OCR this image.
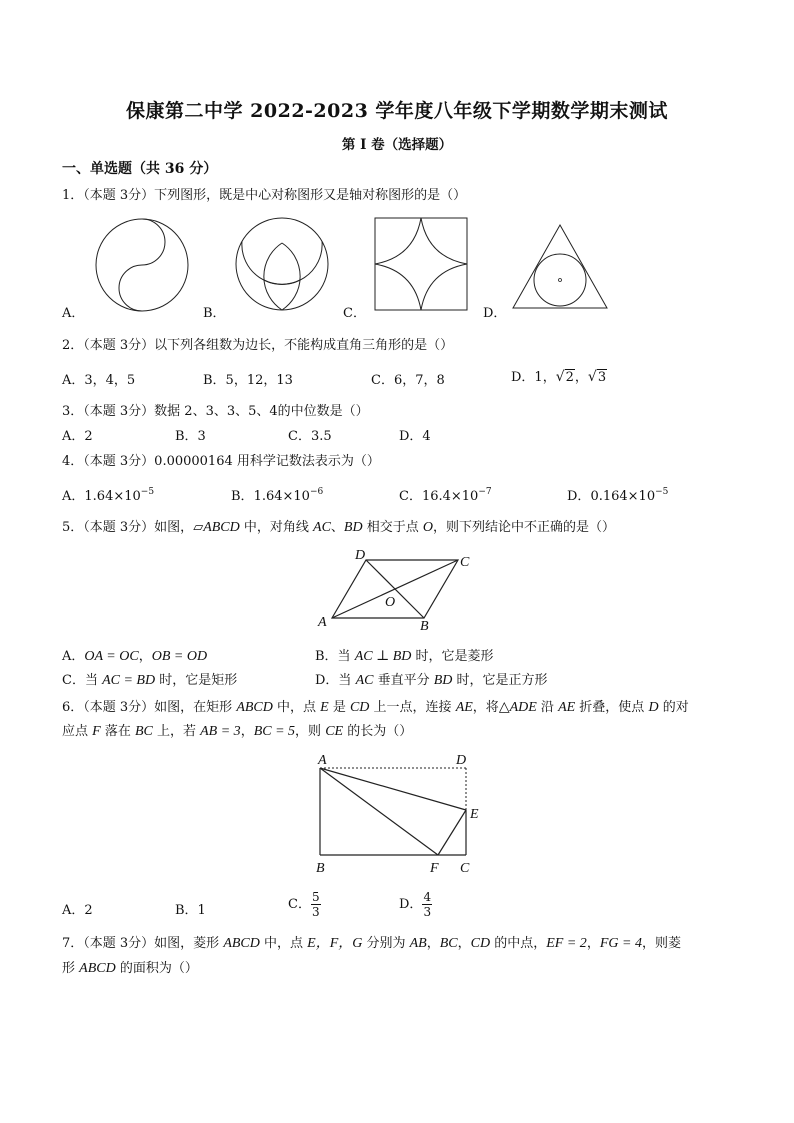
保康第二中学 2022-2023 学年度八年级下学期数学期末测试
第 I 卷（选择题）
一、单选题（共 36 分）
1．（本题 3分）下列图形，既是中心对称图形又是轴对称图形的是（）
A．	B．	C．	D．
2．（本题 3分）以下列各组数为边长，不能构成直角三角形的是（）
A．3，4，5	B．5，12，13	C．6，7，8	D．1，√2，√3
3．（本题 3分）数据 2、3、3、5、4的中位数是（）
A．2	B．3	C．3.5	D．4
4．（本题 3分）0.00000164 用科学记数法表示为（）
A．$1.64\times 10^{-5}$	B．$1.64\times 10^{-6}$	C．$16.4\times 10^{-7}$	D．$0.164\times 10^{-5}$
5．（本题 3分）如图，▱ABCD 中，对角线 AC、BD 相交于点 O，则下列结论中不正确的是（）
D	C
A	B
O
A．OA = OC，OB = OD	B．当 AC ⊥ BD 时，它是菱形
C．当 AC = BD 时，它是矩形	D．当 AC 垂直平分 BD 时，它是正方形
6．（本题 3分）如图，在矩形 ABCD 中，点 E 是 CD 上一点，连接 AE，将△ADE 沿 AE 折叠，使点 D 的对
应点 F 落在 BC 上，若 AB = 3，BC = 5，则 CE 的长为（）
A	D
E
B	F C
A．2	B．1	C． $\frac{5}{3}$	D． $\frac{4}{3}$
7．（本题 3分）如图，菱形 ABCD 中，点 E，F，G 分别为 AB，BC，CD 的中点，EF = 2，FG = 4，则菱
形 ABCD 的面积为（）
